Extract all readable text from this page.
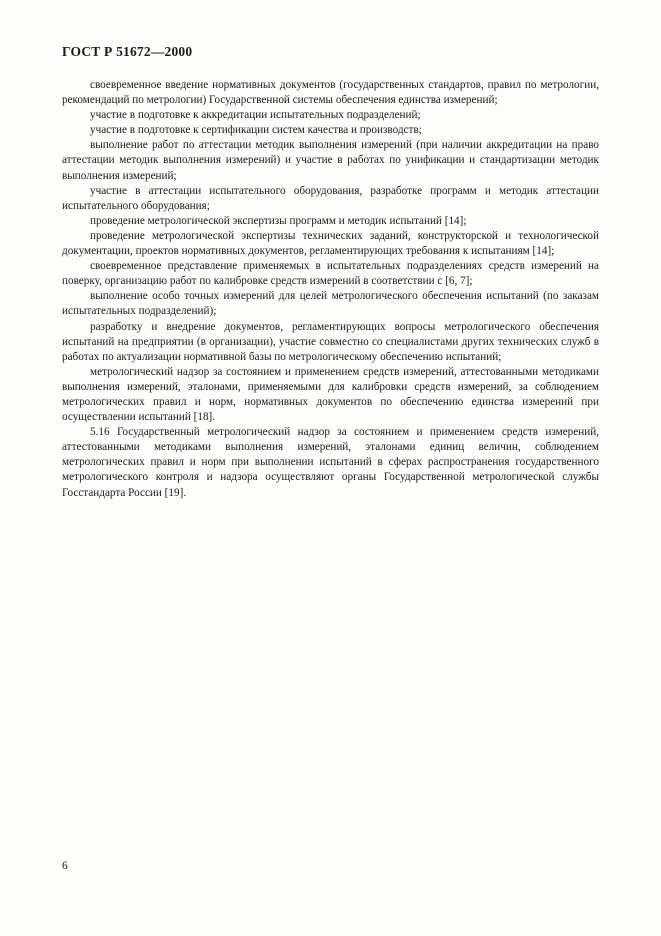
ГОСТ Р 51672—2000

своевременное введение нормативных документов (государственных стандартов, правил по метрологии, рекомендаций по метрологии) Государственной системы обеспечения единства измерений;

участие в подготовке к аккредитации испытательных подразделений;

участие в подготовке к сертификации систем качества и производств;

выполнение работ по аттестации методик выполнения измерений (при наличии аккредитации на право аттестации методик выполнения измерений) и участие в работах по унификации и стандартизации методик выполнения измерений;

участие в аттестации испытательного оборудования, разработке программ и методик аттестации испытательного оборудования;

проведение метрологической экспертизы программ и методик испытаний [14];

проведение метрологической экспертизы технических заданий, конструкторской и технологической документации, проектов нормативных документов, регламентирующих требования к испытаниям [14];

своевременное представление применяемых в испытательных подразделениях средств измерений на поверку, организацию работ по калибровке средств измерений в соответствии с [6, 7];

выполнение особо точных измерений для целей метрологического обеспечения испытаний (по заказам испытательных подразделений);

разработку и внедрение документов, регламентирующих вопросы метрологического обеспечения испытаний на предприятии (в организации), участие совместно со специалистами других технических служб в работах по актуализации нормативной базы по метрологическому обеспечению испытаний;

метрологический надзор за состоянием и применением средств измерений, аттестованными методиками выполнения измерений, эталонами, применяемыми для калибровки средств измерений, за соблюдением метрологических правил и норм, нормативных документов по обеспечению единства измерений при осуществлении испытаний [18].

5.16 Государственный метрологический надзор за состоянием и применением средств измерений, аттестованными методиками выполнения измерений, эталонами единиц величин, соблюдением метрологических правил и норм при выполнении испытаний в сферах распространения государственного метрологического контроля и надзора осуществляют органы Государственной метрологической службы Госстандарта России [19].

6
